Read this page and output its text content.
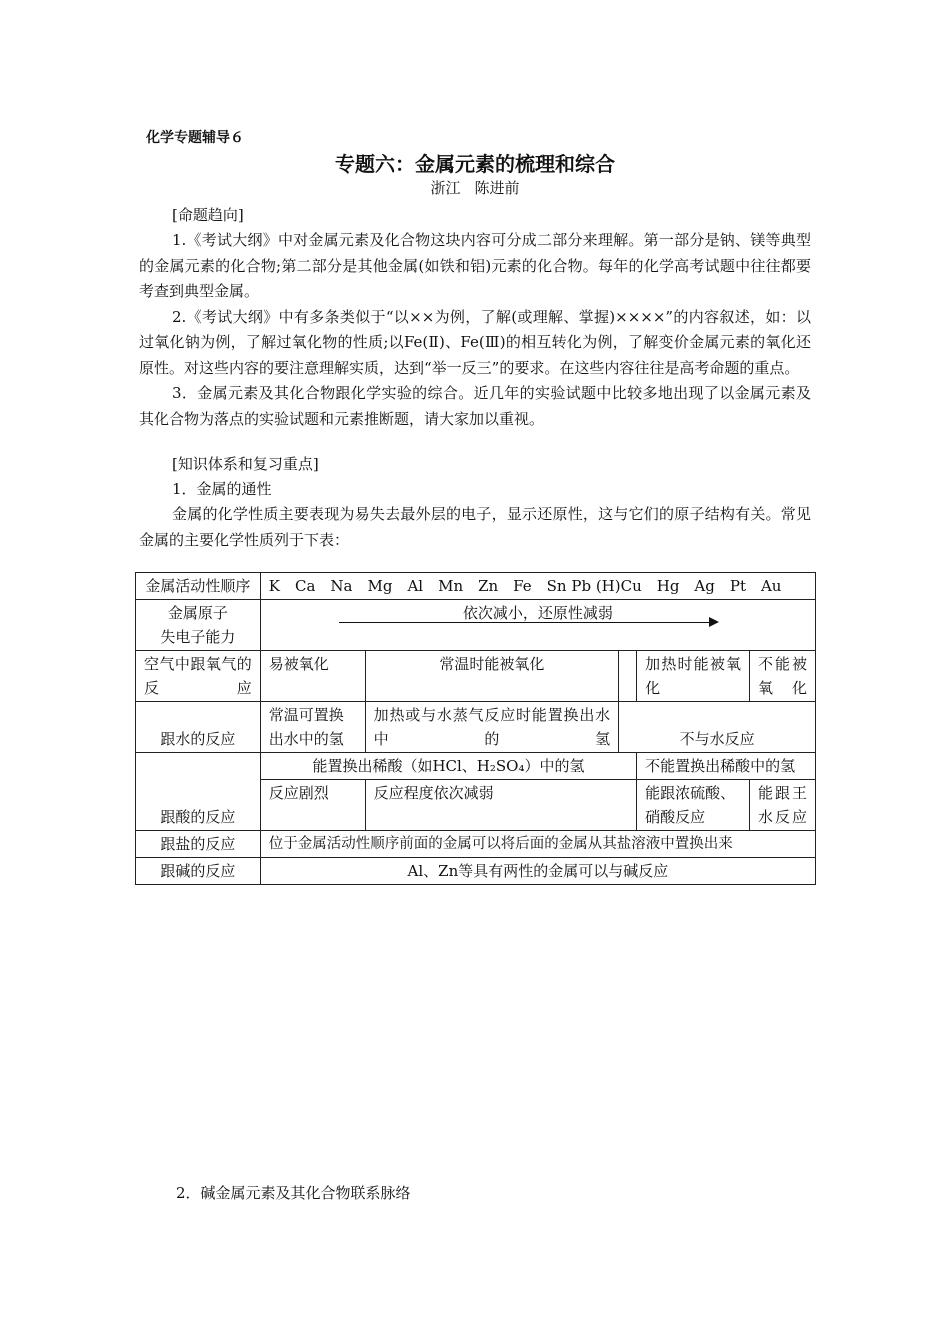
化学专题辅导６
专题六：金属元素的梳理和综合
浙江 陈进前
[命题趋向]

1.《考试大纲》中对金属元素及化合物这块内容可分成二部分来理解。第一部分是钠、镁等典型的金属元素的化合物;第二部分是其他金属(如铁和铝)元素的化合物。每年的化学高考试题中往往都要考查到典型金属。

2.《考试大纲》中有多条类似于“以××为例，了解(或理解、掌握)××××”的内容叙述，如：以过氧化钠为例，了解过氧化物的性质;以Fe(Ⅱ)、Fe(Ⅲ)的相互转化为例，了解变价金属元素的氧化还原性。对这些内容的要注意理解实质，达到“举一反三”的要求。在这些内容往往是高考命题的重点。

3．金属元素及其化合物跟化学实验的综合。近几年的实验试题中比较多地出现了以金属元素及其化合物为落点的实验试题和元素推断题，请大家加以重视。

[知识体系和复习重点]
1．金属的通性

金属的化学性质主要表现为易失去最外层的电子，显示还原性，这与它们的原子结构有关。常见金属的主要化学性质列于下表：

金属活动性顺序	K　Ca　Na　Mg　Al　Mn　Zn　Fe　Sn Pb (H)Cu　Hg　Ag　Pt　Au				

金属原子
失电子能力	依次减小，还原性减弱				

空气中跟氧气的反应	易被氧化	常温时能被氧化		加热时能被氧化	不能被氧化
跟水的反应	常温可置换出水中的氢	加热或与水蒸气反应时能置换出水中的氢	不与水反应		
跟酸的反应	能置换出稀酸（如HCl、H₂SO₄）中的氢			不能置换出稀酸中的氢	
	反应剧烈	反应程度依次减弱		能跟浓硫酸、硝酸反应	能跟王水反应
跟盐的反应	位于金属活动性顺序前面的金属可以将后面的金属从其盐溶液中置换出来				
跟碱的反应	Al、Zn等具有两性的金属可以与碱反应				
2．碱金属元素及其化合物联系脉络
